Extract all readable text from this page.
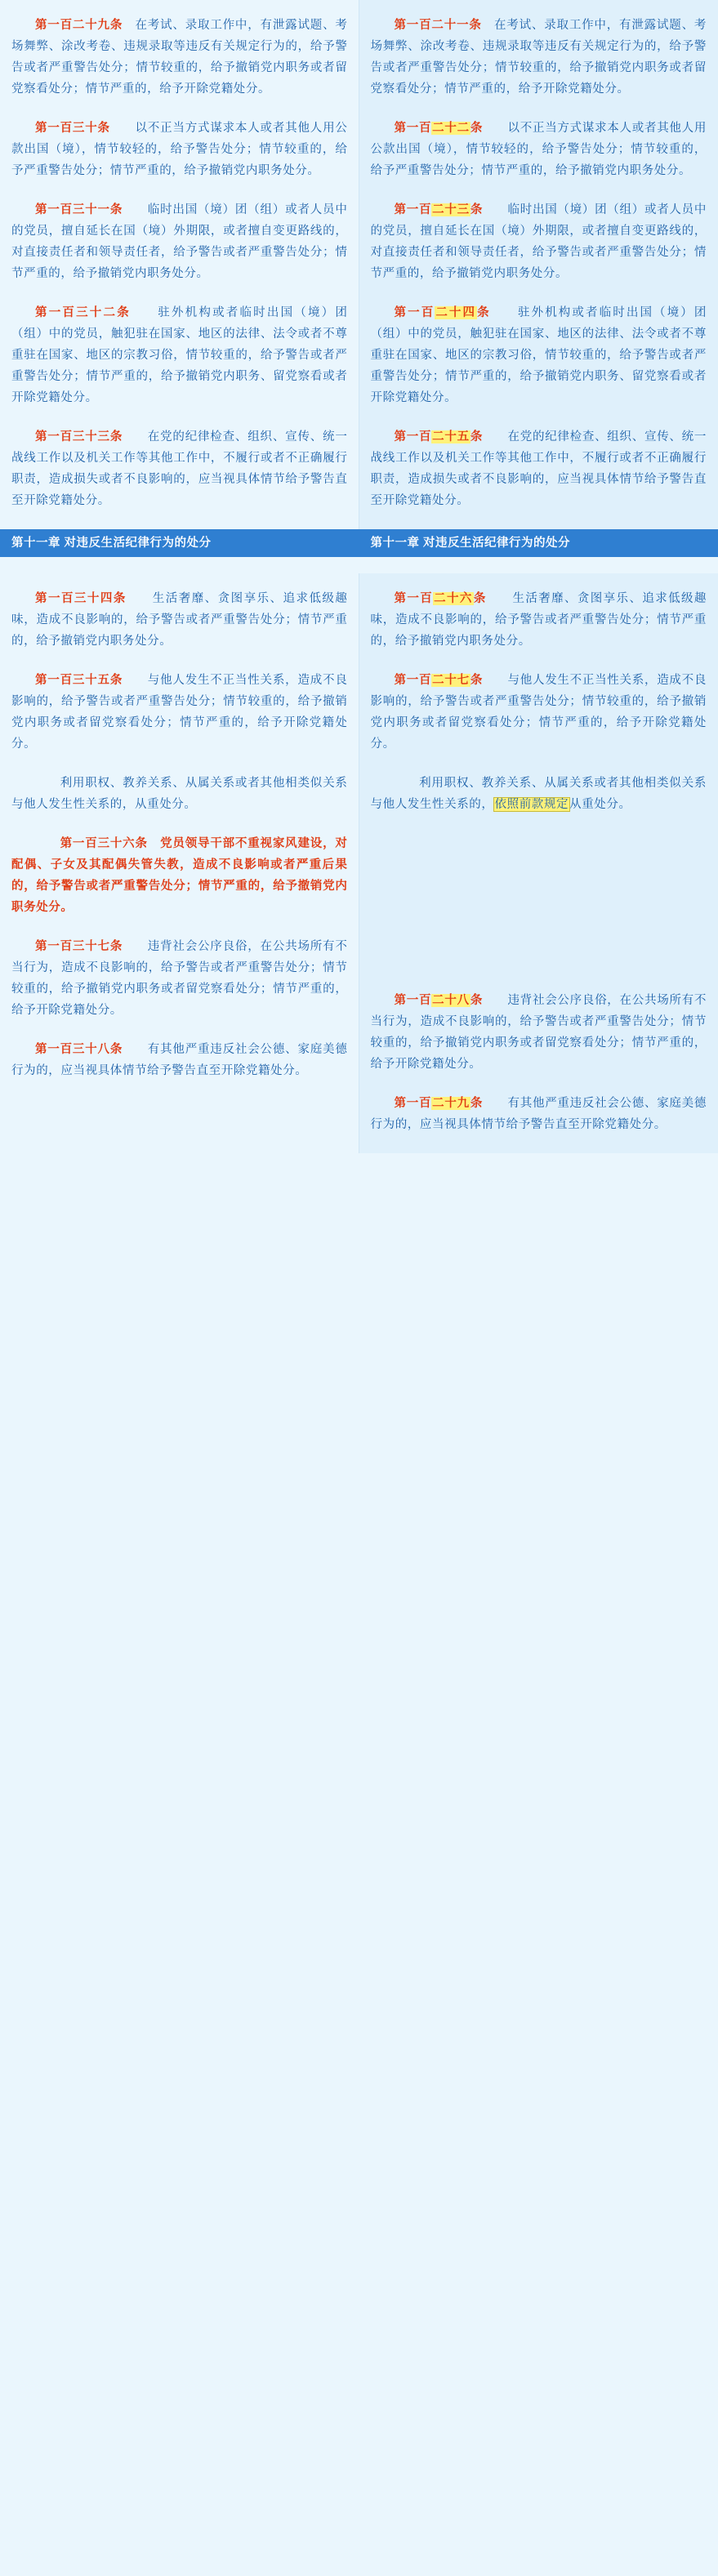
第一百二十九条　在考试、录取工作中，有泄露试题、考场舞弊、涂改考卷、违规录取等违反有关规定行为的，给予警告或者严重警告处分；情节较重的，给予撤销党内职务或者留党察看处分；情节严重的，给予开除党籍处分。

第一百三十条　　以不正当方式谋求本人或者其他人用公款出国（境），情节较轻的，给予警告处分；情节较重的，给予严重警告处分；情节严重的，给予撤销党内职务处分。

第一百三十一条　　临时出国（境）团（组）或者人员中的党员，擅自延长在国（境）外期限，或者擅自变更路线的，对直接责任者和领导责任者，给予警告或者严重警告处分；情节严重的，给予撤销党内职务处分。

第一百三十二条　　驻外机构或者临时出国（境）团（组）中的党员，触犯驻在国家、地区的法律、法令或者不尊重驻在国家、地区的宗教习俗，情节较重的，给予警告或者严重警告处分；情节严重的，给予撤销党内职务、留党察看或者开除党籍处分。

第一百三十三条　　在党的纪律检查、组织、宣传、统一战线工作以及机关工作等其他工作中，不履行或者不正确履行职责，造成损失或者不良影响的，应当视具体情节给予警告直至开除党籍处分。

第一百二十一条　在考试、录取工作中，有泄露试题、考场舞弊、涂改考卷、违规录取等违反有关规定行为的，给予警告或者严重警告处分；情节较重的，给予撤销党内职务或者留党察看处分；情节严重的，给予开除党籍处分。

第一百二十二条　　以不正当方式谋求本人或者其他人用公款出国（境），情节较轻的，给予警告处分；情节较重的，给予严重警告处分；情节严重的，给予撤销党内职务处分。

第一百二十三条　　临时出国（境）团（组）或者人员中的党员，擅自延长在国（境）外期限，或者擅自变更路线的，对直接责任者和领导责任者，给予警告或者严重警告处分；情节严重的，给予撤销党内职务处分。

第一百二十四条　　驻外机构或者临时出国（境）团（组）中的党员，触犯驻在国家、地区的法律、法令或者不尊重驻在国家、地区的宗教习俗，情节较重的，给予警告或者严重警告处分；情节严重的，给予撤销党内职务、留党察看或者开除党籍处分。

第一百二十五条　　在党的纪律检查、组织、宣传、统一战线工作以及机关工作等其他工作中，不履行或者不正确履行职责，造成损失或者不良影响的，应当视具体情节给予警告直至开除党籍处分。

第十一章 对违反生活纪律行为的处分	第十一章 对违反生活纪律行为的处分

第一百三十四条　　生活奢靡、贪图享乐、追求低级趣味，造成不良影响的，给予警告或者严重警告处分；情节严重的，给予撤销党内职务处分。

第一百三十五条　　与他人发生不正当性关系，造成不良影响的，给予警告或者严重警告处分；情节较重的，给予撤销党内职务或者留党察看处分；情节严重的，给予开除党籍处分。

　　利用职权、教养关系、从属关系或者其他相类似关系与他人发生性关系的，从重处分。

　　第一百三十六条　党员领导干部不重视家风建设，对配偶、子女及其配偶失管失教，造成不良影响或者严重后果的，给予警告或者严重警告处分；情节严重的，给予撤销党内职务处分。

第一百三十七条　　违背社会公序良俗，在公共场所有不当行为，造成不良影响的，给予警告或者严重警告处分；情节较重的，给予撤销党内职务或者留党察看处分；情节严重的，给予开除党籍处分。

第一百三十八条　　有其他严重违反社会公德、家庭美德行为的，应当视具体情节给予警告直至开除党籍处分。

第一百二十六条　　生活奢靡、贪图享乐、追求低级趣味，造成不良影响的，给予警告或者严重警告处分；情节严重的，给予撤销党内职务处分。

第一百二十七条　　与他人发生不正当性关系，造成不良影响的，给予警告或者严重警告处分；情节较重的，给予撤销党内职务或者留党察看处分；情节严重的，给予开除党籍处分。

　　利用职权、教养关系、从属关系或者其他相类似关系与他人发生性关系的，依照前款规定从重处分。

第一百二十八条　　违背社会公序良俗，在公共场所有不当行为，造成不良影响的，给予警告或者严重警告处分；情节较重的，给予撤销党内职务或者留党察看处分；情节严重的，给予开除党籍处分。

第一百二十九条　　有其他严重违反社会公德、家庭美德行为的，应当视具体情节给予警告直至开除党籍处分。
